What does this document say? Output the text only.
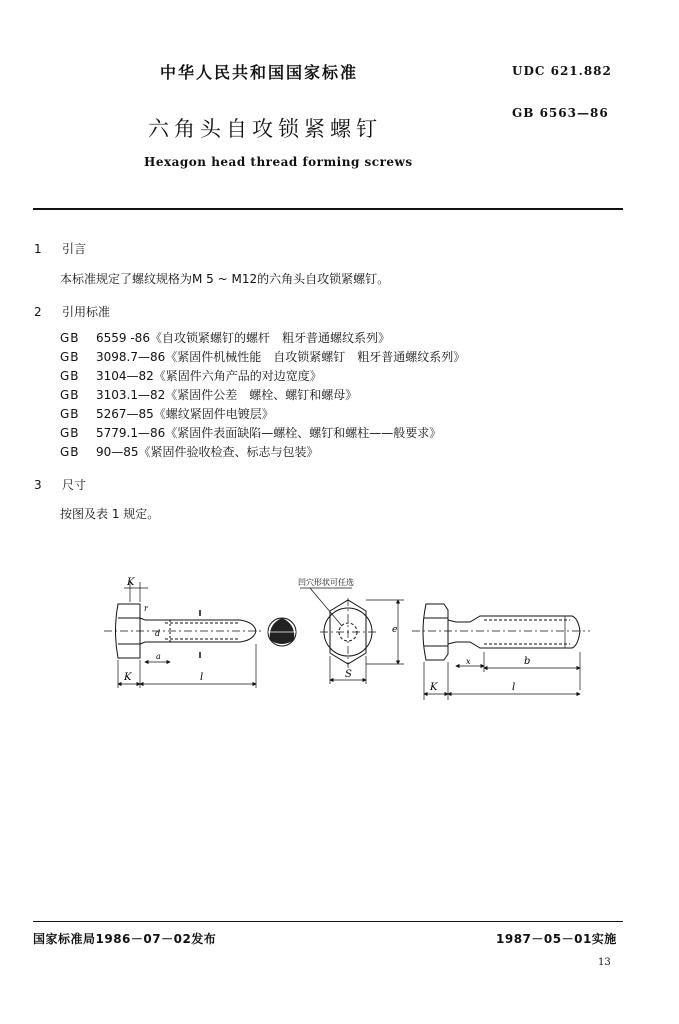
中华人民共和国国家标准	UDC 621.882
GB 6563—86
六角头自攻锁紧螺钉
Hexagon head thread forming screws
1 引言
本标准规定了螺纹规格为M 5 ~ M12的六角头自攻锁紧螺钉。
2 引用标准
GB 6559 -86《自攻锁紧螺钉的螺杆　粗牙普通螺纹系列》
GB 3098.7—86《紧固件机械性能　自攻锁紧螺钉　粗牙普通螺纹系列》
GB 3104—82《紧固件六角产品的对边宽度》
GB 3103.1—82《紧固件公差　螺栓、螺钉和螺母》
GB 5267—85《螺纹紧固件电镀层》
GB 5779.1—86《紧固件表面缺陷—螺栓、螺钉和螺柱——般要求》
GB 90—85《紧固件验收检查、标志与包装》
3 尺寸
按图及表 1 规定。
K
r
d
a
K	l
凹穴形状可任选
e
S
x	b
K	l
国家标准局1986－07－02发布	1987－05－01实施
13
